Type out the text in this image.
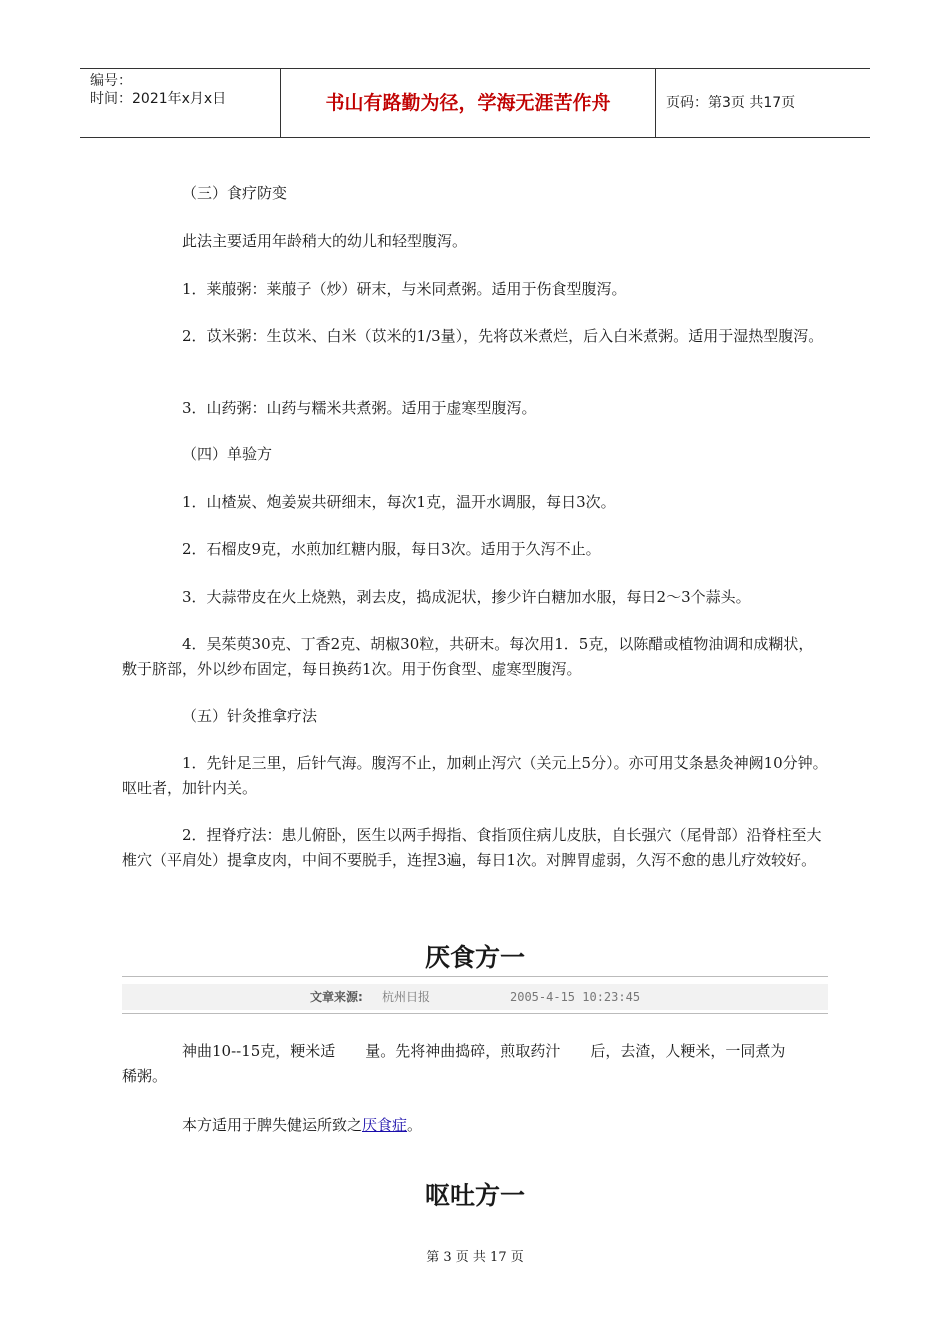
编号：
时间：2021年x月x日	书山有路勤为径，学海无涯苦作舟	页码：第3页 共17页
（三）食疗防变
此法主要适用年龄稍大的幼儿和轻型腹泻。
1．莱菔粥：莱菔子（炒）研末，与米同煮粥。适用于伤食型腹泻。
2．苡米粥：生苡米、白米（苡米的1/3量），先将苡米煮烂，后入白米煮粥。适用于湿热型腹泻。
3．山药粥：山药与糯米共煮粥。适用于虚寒型腹泻。
（四）单验方
1．山楂炭、炮姜炭共研细末，每次1克，温开水调服，每日3次。
2．石榴皮9克，水煎加红糖内服，每日3次。适用于久泻不止。
3．大蒜带皮在火上烧熟，剥去皮，捣成泥状，掺少许白糖加水服，每日2～3个蒜头。
4．吴茱萸30克、丁香2克、胡椒30粒，共研末。每次用1．5克，以陈醋或植物油调和成糊状，敷于脐部，外以纱布固定，每日换药1次。用于伤食型、虚寒型腹泻。
（五）针灸推拿疗法
1．先针足三里，后针气海。腹泻不止，加刺止泻穴（关元上5分）。亦可用艾条悬灸神阙10分钟。呕吐者，加针内关。
2．捏脊疗法：患儿俯卧，医生以两手拇指、食指顶住病儿皮肤，自长强穴（尾骨部）沿脊柱至大椎穴（平肩处）提拿皮肉，中间不要脱手，连捏3遍，每日1次。对脾胃虚弱，久泻不愈的患儿疗效较好。
厌食方一
文章来源: 杭州日报	2005-4-15 10:23:45
神曲10--15克，粳米适　　量。先将神曲捣碎，煎取药汁　　后，去渣，人粳米，一同煮为　　稀粥。
本方适用于脾失健运所致之厌食症。
呕吐方一
第 3 页 共 17 页
